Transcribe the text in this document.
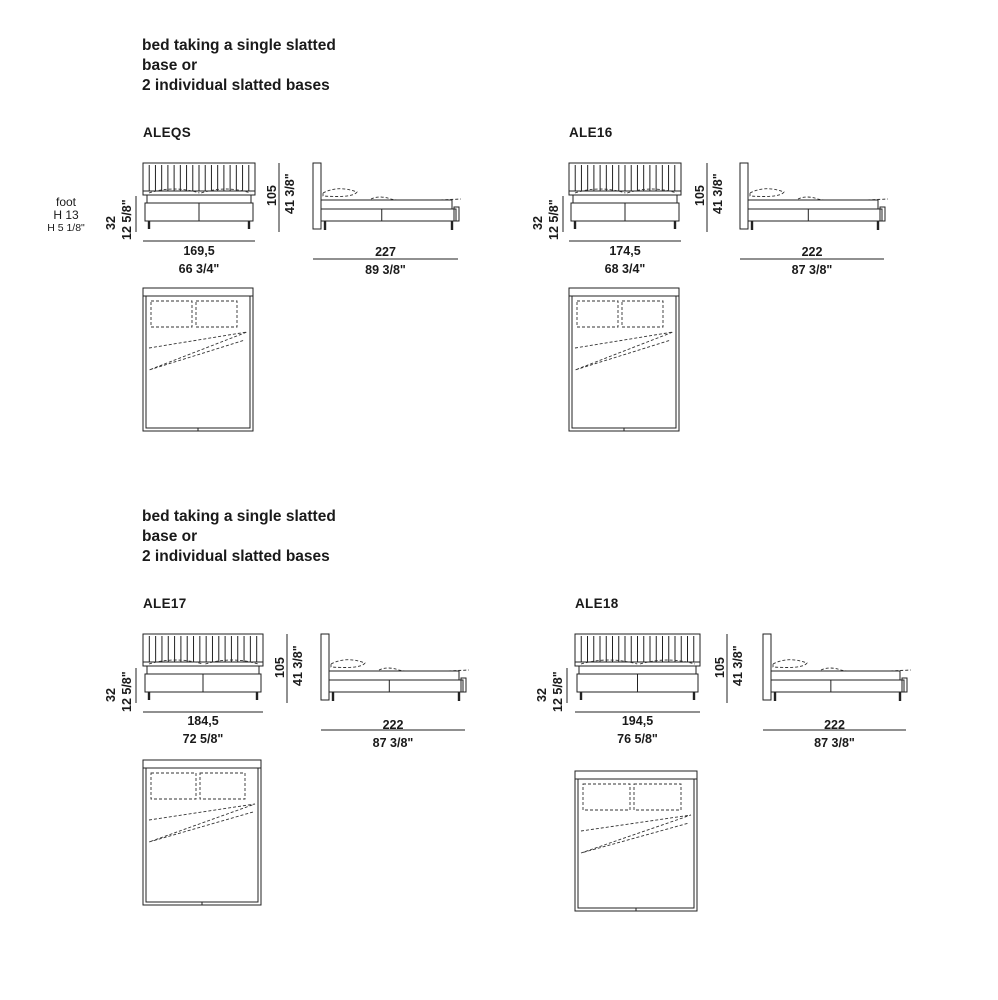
bed taking a single slatted
base or
2 individual slatted bases
bed taking a single slatted
base or
2 individual slatted bases
foot
H 13
H 5 1/8"
ALEQS
169,5
66 3/4"
227
89 3/8"
105 41 3/8"
32 12 5/8"
ALE16
174,5
68 3/4"
222
87 3/8"
105 41 3/8"
32 12 5/8"
ALE17
184,5
72 5/8"
222
87 3/8"
105 41 3/8"
32 12 5/8"
ALE18
194,5
76 5/8"
222
87 3/8"
105 41 3/8"
32 12 5/8"
